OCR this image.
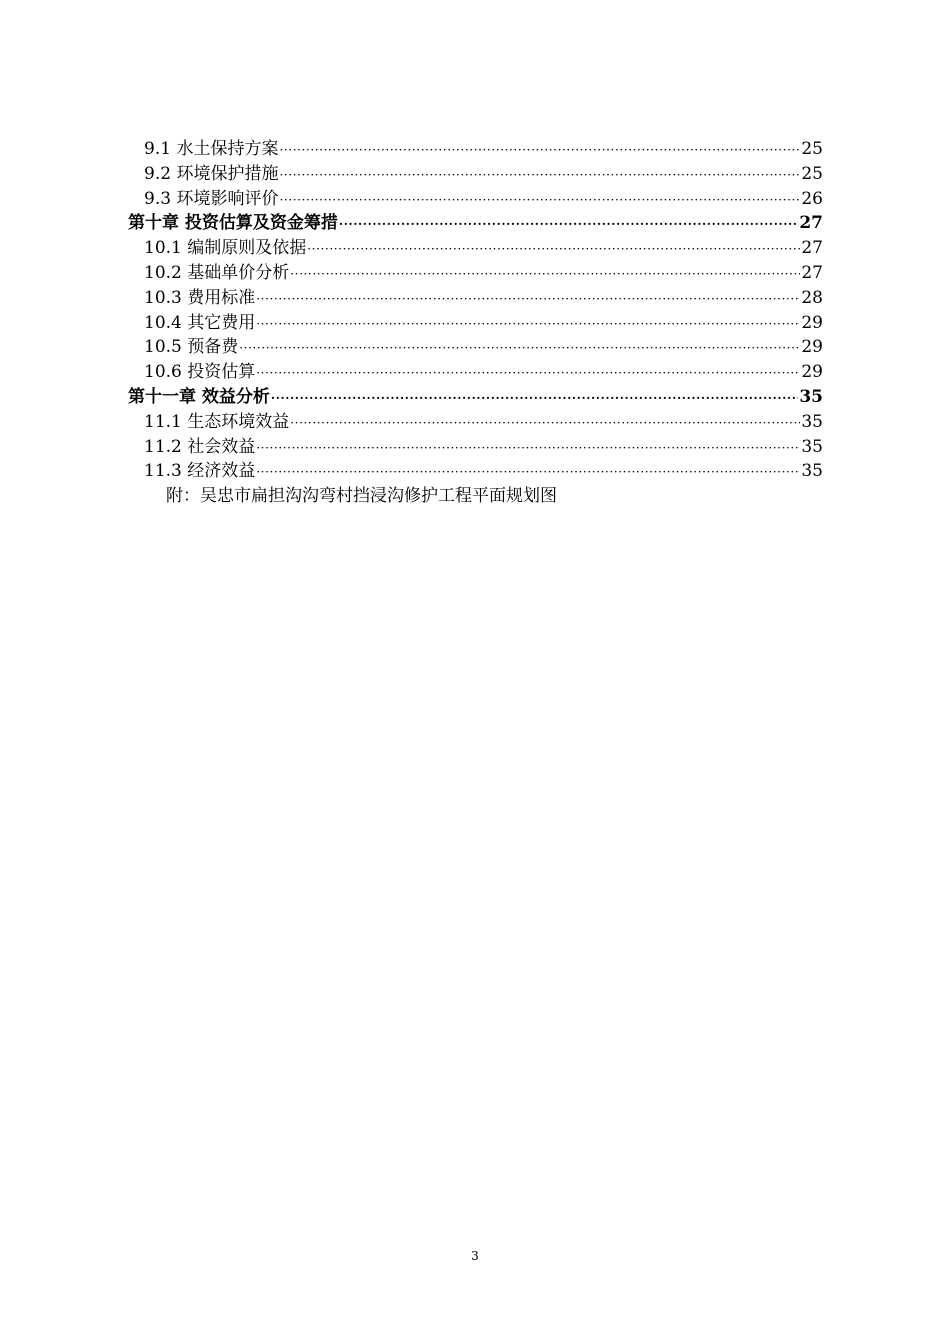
9.1 水土保持方案 ·····	25
9.2 环境保护措施 ·····	25
9.3 环境影响评价 ·····	26
第十章 投资估算及资金筹措 ·····	27
10.1 编制原则及依据 ·····	27
10.2 基础单价分析 ·····	27
10.3 费用标准 ·····	28
10.4 其它费用 ·····	29
10.5 预备费 ·····	29
10.6 投资估算 ·····	29
第十一章 效益分析 ·····	35
11.1 生态环境效益 ·····	35
11.2 社会效益 ·····	35
11.3 经济效益 ·····	35
附：吴忠市扁担沟沟弯村挡浸沟修护工程平面规划图
3
